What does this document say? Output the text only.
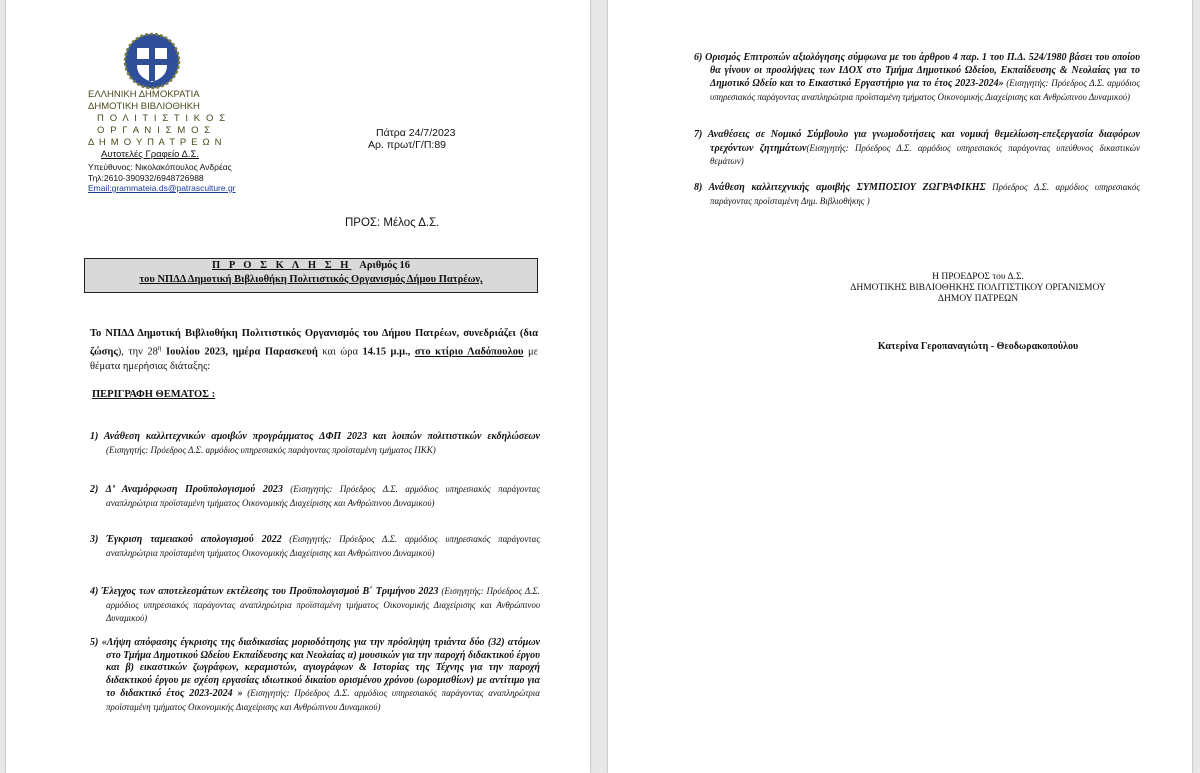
ΕΛΛΗΝΙΚΗ ΔΗΜΟΚΡΑΤΙΑ
ΔΗΜΟΤΙΚΗ ΒΙΒΛΙΟΘΗΚΗ
Π Ο Λ Ι Τ Ι Σ Τ Ι Κ Ο Σ
Ο Ρ Γ Α Ν Ι Σ Μ Ο Σ
Δ Η Μ Ο Υ Π Α Τ Ρ Ε Ω Ν
Αυτοτελές Γραφείο Δ.Σ.
Υπεύθυνος: Νικολακόπουλος Ανδρέας
Τηλ:2610-390932/6948726988
Email:grammateia.ds@patrasculture.gr
Πάτρα 24/7/2023
Αρ. πρωτ/Γ/Π:89
ΠΡΟΣ: Μέλος Δ.Σ.
Π Ρ Ο Σ Κ Λ Η Σ Η Αριθμός 16
του ΝΠΔΔ Δημοτική Βιβλιοθήκη Πολιτιστικός Οργανισμός Δήμου Πατρέων,
Το ΝΠΔΔ Δημοτική Βιβλιοθήκη Πολιτιστικός Οργανισμός του Δήμου Πατρέων, συνεδριάζει (δια ζώσης), την $28^\eta$ Ιουλίου 2023, ημέρα Παρασκευή και ώρα 14.15 μ.μ., στο κτίριο Λαδόπουλου με θέματα ημερήσιας διάταξης:
ΠΕΡΙΓΡΑΦΗ ΘΕΜΑΤΟΣ :
1) Ανάθεση καλλιτεχνικών αμοιβών προγράμματος ΔΦΠ 2023 και λοιπών πολιτιστικών εκδηλώσεων (Εισηγητής: Πρόεδρος Δ.Σ. αρμόδιος υπηρεσιακός παράγοντας προϊσταμένη τμήματος ΠΚΚ)
2) Δ’ Αναμόρφωση Προϋπολογισμού 2023 (Εισηγητής: Πρόεδρος Δ.Σ. αρμόδιος υπηρεσιακός παράγοντας αναπληρώτρια προϊσταμένη τμήματος Οικονομικής Διαχείρισης και Ανθρώπινου Δυναμικού)
3) Έγκριση ταμειακού απολογισμού 2022 (Εισηγητής: Πρόεδρος Δ.Σ. αρμόδιος υπηρεσιακός παράγοντας αναπληρώτρια προϊσταμένη τμήματος Οικονομικής Διαχείρισης και Ανθρώπινου Δυναμικού)
4) Έλεγχος των αποτελεσμάτων εκτέλεσης του Προϋπολογισμού Β΄ Τριμήνου 2023 (Εισηγητής: Πρόεδρος Δ.Σ. αρμόδιος υπηρεσιακός παράγοντας αναπληρώτρια προϊσταμένη τμήματος Οικονομικής Διαχείρισης και Ανθρώπινου Δυναμικού)
5) «Λήψη απόφασης έγκρισης της διαδικασίας μοριοδότησης για την πρόσληψη τριάντα δύο (32) ατόμων στο Τμήμα Δημοτικού Ωδείου Εκπαίδευσης και Νεολαίας α) μουσικών για την παροχή διδακτικού έργου και β) εικαστικών ζωγράφων, κεραμιστών, αγιογράφων & Ιστορίας της Τέχνης για την παροχή διδακτικού έργου με σχέση εργασίας ιδιωτικού δικαίου ορισμένου χρόνου (ωρομισθίων) με αντίτιμο για το διδακτικό έτος 2023-2024 » (Εισηγητής: Πρόεδρος Δ.Σ. αρμόδιος υπηρεσιακός παράγοντας αναπληρώτρια προϊσταμένη τμήματος Οικονομικής Διαχείρισης και Ανθρώπινου Δυναμικού)
6) Ορισμός Επιτροπών αξιολόγησης σύμφωνα με του άρθρου 4 παρ. 1 του Π.Δ. 524/1980 βάσει του οποίου θα γίνουν οι προσλήψεις των ΙΔΟΧ στο Τμήμα Δημοτικού Ωδείου, Εκπαίδευσης & Νεολαίας για το Δημοτικό Ωδείο και το Εικαστικό Εργαστήριο για το έτος 2023-2024» (Εισηγητής: Πρόεδρος Δ.Σ. αρμόδιος υπηρεσιακός παράγοντας αναπληρώτρια προϊσταμένη τμήματος Οικονομικής Διαχείρισης και Ανθρώπινου Δυναμικού)
7) Αναθέσεις σε Νομικό Σύμβουλο για γνωμοδοτήσεις και νομική θεμελίωση-επεξεργασία διαφόρων τρεχόντων ζητημάτων(Εισηγητής: Πρόεδρος Δ.Σ. αρμόδιος υπηρεσιακός παράγοντας υπεύθυνος δικαστικών θεμάτων)
8) Ανάθεση καλλιτεχνικής αμοιβής ΣΥΜΠΟΣΙΟΥ ΖΩΓΡΑΦΙΚΗΣ Πρόεδρος Δ.Σ. αρμόδιος υπηρεσιακός παράγοντας προϊσταμένη Δημ. Βιβλιοθήκης )
Η ΠΡΟΕΔΡΟΣ του Δ.Σ.
ΔΗΜΟΤΙΚΗΣ ΒΙΒΛΙΟΘΗΚΗΣ ΠΟΛΙΤΙΣΤΙΚΟΥ ΟΡΓΑΝΙΣΜΟΥ
ΔΗΜΟΥ ΠΑΤΡΕΩΝ
Κατερίνα Γεροπαναγιώτη - Θεοδωρακοπούλου
